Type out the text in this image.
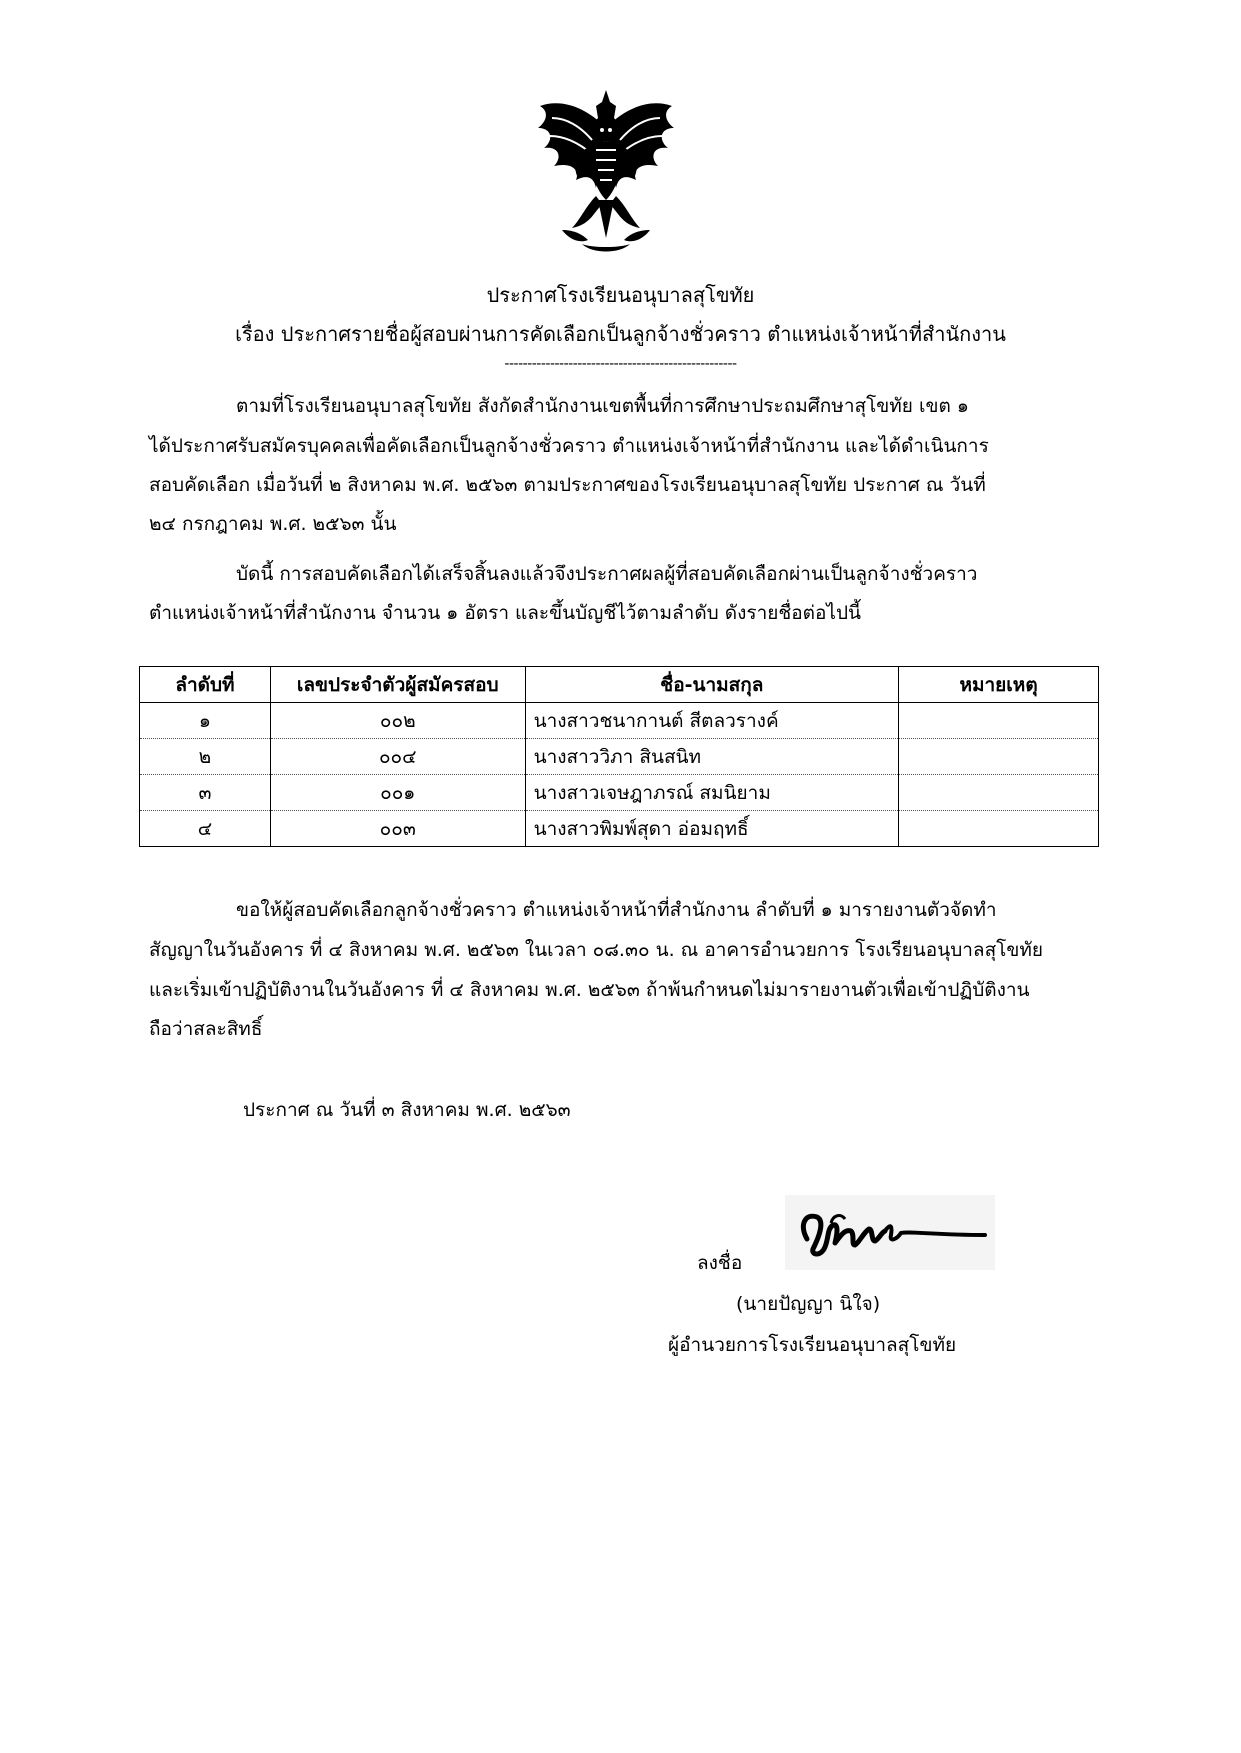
ประกาศโรงเรียนอนุบาลสุโขทัย
เรื่อง ประกาศรายชื่อผู้สอบผ่านการคัดเลือกเป็นลูกจ้างชั่วคราว ตำแหน่งเจ้าหน้าที่สำนักงาน
---------------------------------------------------
ตามที่โรงเรียนอนุบาลสุโขทัย สังกัดสำนักงานเขตพื้นที่การศึกษาประถมศึกษาสุโขทัย เขต ๑
ได้ประกาศรับสมัครบุคคลเพื่อคัดเลือกเป็นลูกจ้างชั่วคราว ตำแหน่งเจ้าหน้าที่สำนักงาน และได้ดำเนินการ
สอบคัดเลือก เมื่อวันที่ ๒ สิงหาคม พ.ศ. ๒๕๖๓ ตามประกาศของโรงเรียนอนุบาลสุโขทัย ประกาศ ณ วันที่
๒๔ กรกฎาคม พ.ศ. ๒๕๖๓ นั้น
บัดนี้ การสอบคัดเลือกได้เสร็จสิ้นลงแล้วจึงประกาศผลผู้ที่สอบคัดเลือกผ่านเป็นลูกจ้างชั่วคราว
ตำแหน่งเจ้าหน้าที่สำนักงาน จำนวน ๑ อัตรา และขึ้นบัญชีไว้ตามลำดับ ดังรายชื่อต่อไปนี้
ลำดับที่	เลขประจำตัวผู้สมัครสอบ	ชื่อ-นามสกุล	หมายเหตุ
๑	๐๐๒	นางสาวชนากานต์ สีตลวรางค์	
๒	๐๐๔	นางสาววิภา สินสนิท	
๓	๐๐๑	นางสาวเจษฎาภรณ์ สมนิยาม	
๔	๐๐๓	นางสาวพิมพ์สุดา อ่อมฤทธิ์	
ขอให้ผู้สอบคัดเลือกลูกจ้างชั่วคราว ตำแหน่งเจ้าหน้าที่สำนักงาน ลำดับที่ ๑ มารายงานตัวจัดทำ
สัญญาในวันอังคาร ที่ ๔ สิงหาคม พ.ศ. ๒๕๖๓ ในเวลา ๐๘.๓๐ น. ณ อาคารอำนวยการ โรงเรียนอนุบาลสุโขทัย
และเริ่มเข้าปฏิบัติงานในวันอังคาร ที่ ๔ สิงหาคม พ.ศ. ๒๕๖๓ ถ้าพ้นกำหนดไม่มารายงานตัวเพื่อเข้าปฏิบัติงาน
ถือว่าสละสิทธิ์
ประกาศ ณ วันที่ ๓ สิงหาคม พ.ศ. ๒๕๖๓
ลงชื่อ
(นายปัญญา นิใจ)
ผู้อำนวยการโรงเรียนอนุบาลสุโขทัย
